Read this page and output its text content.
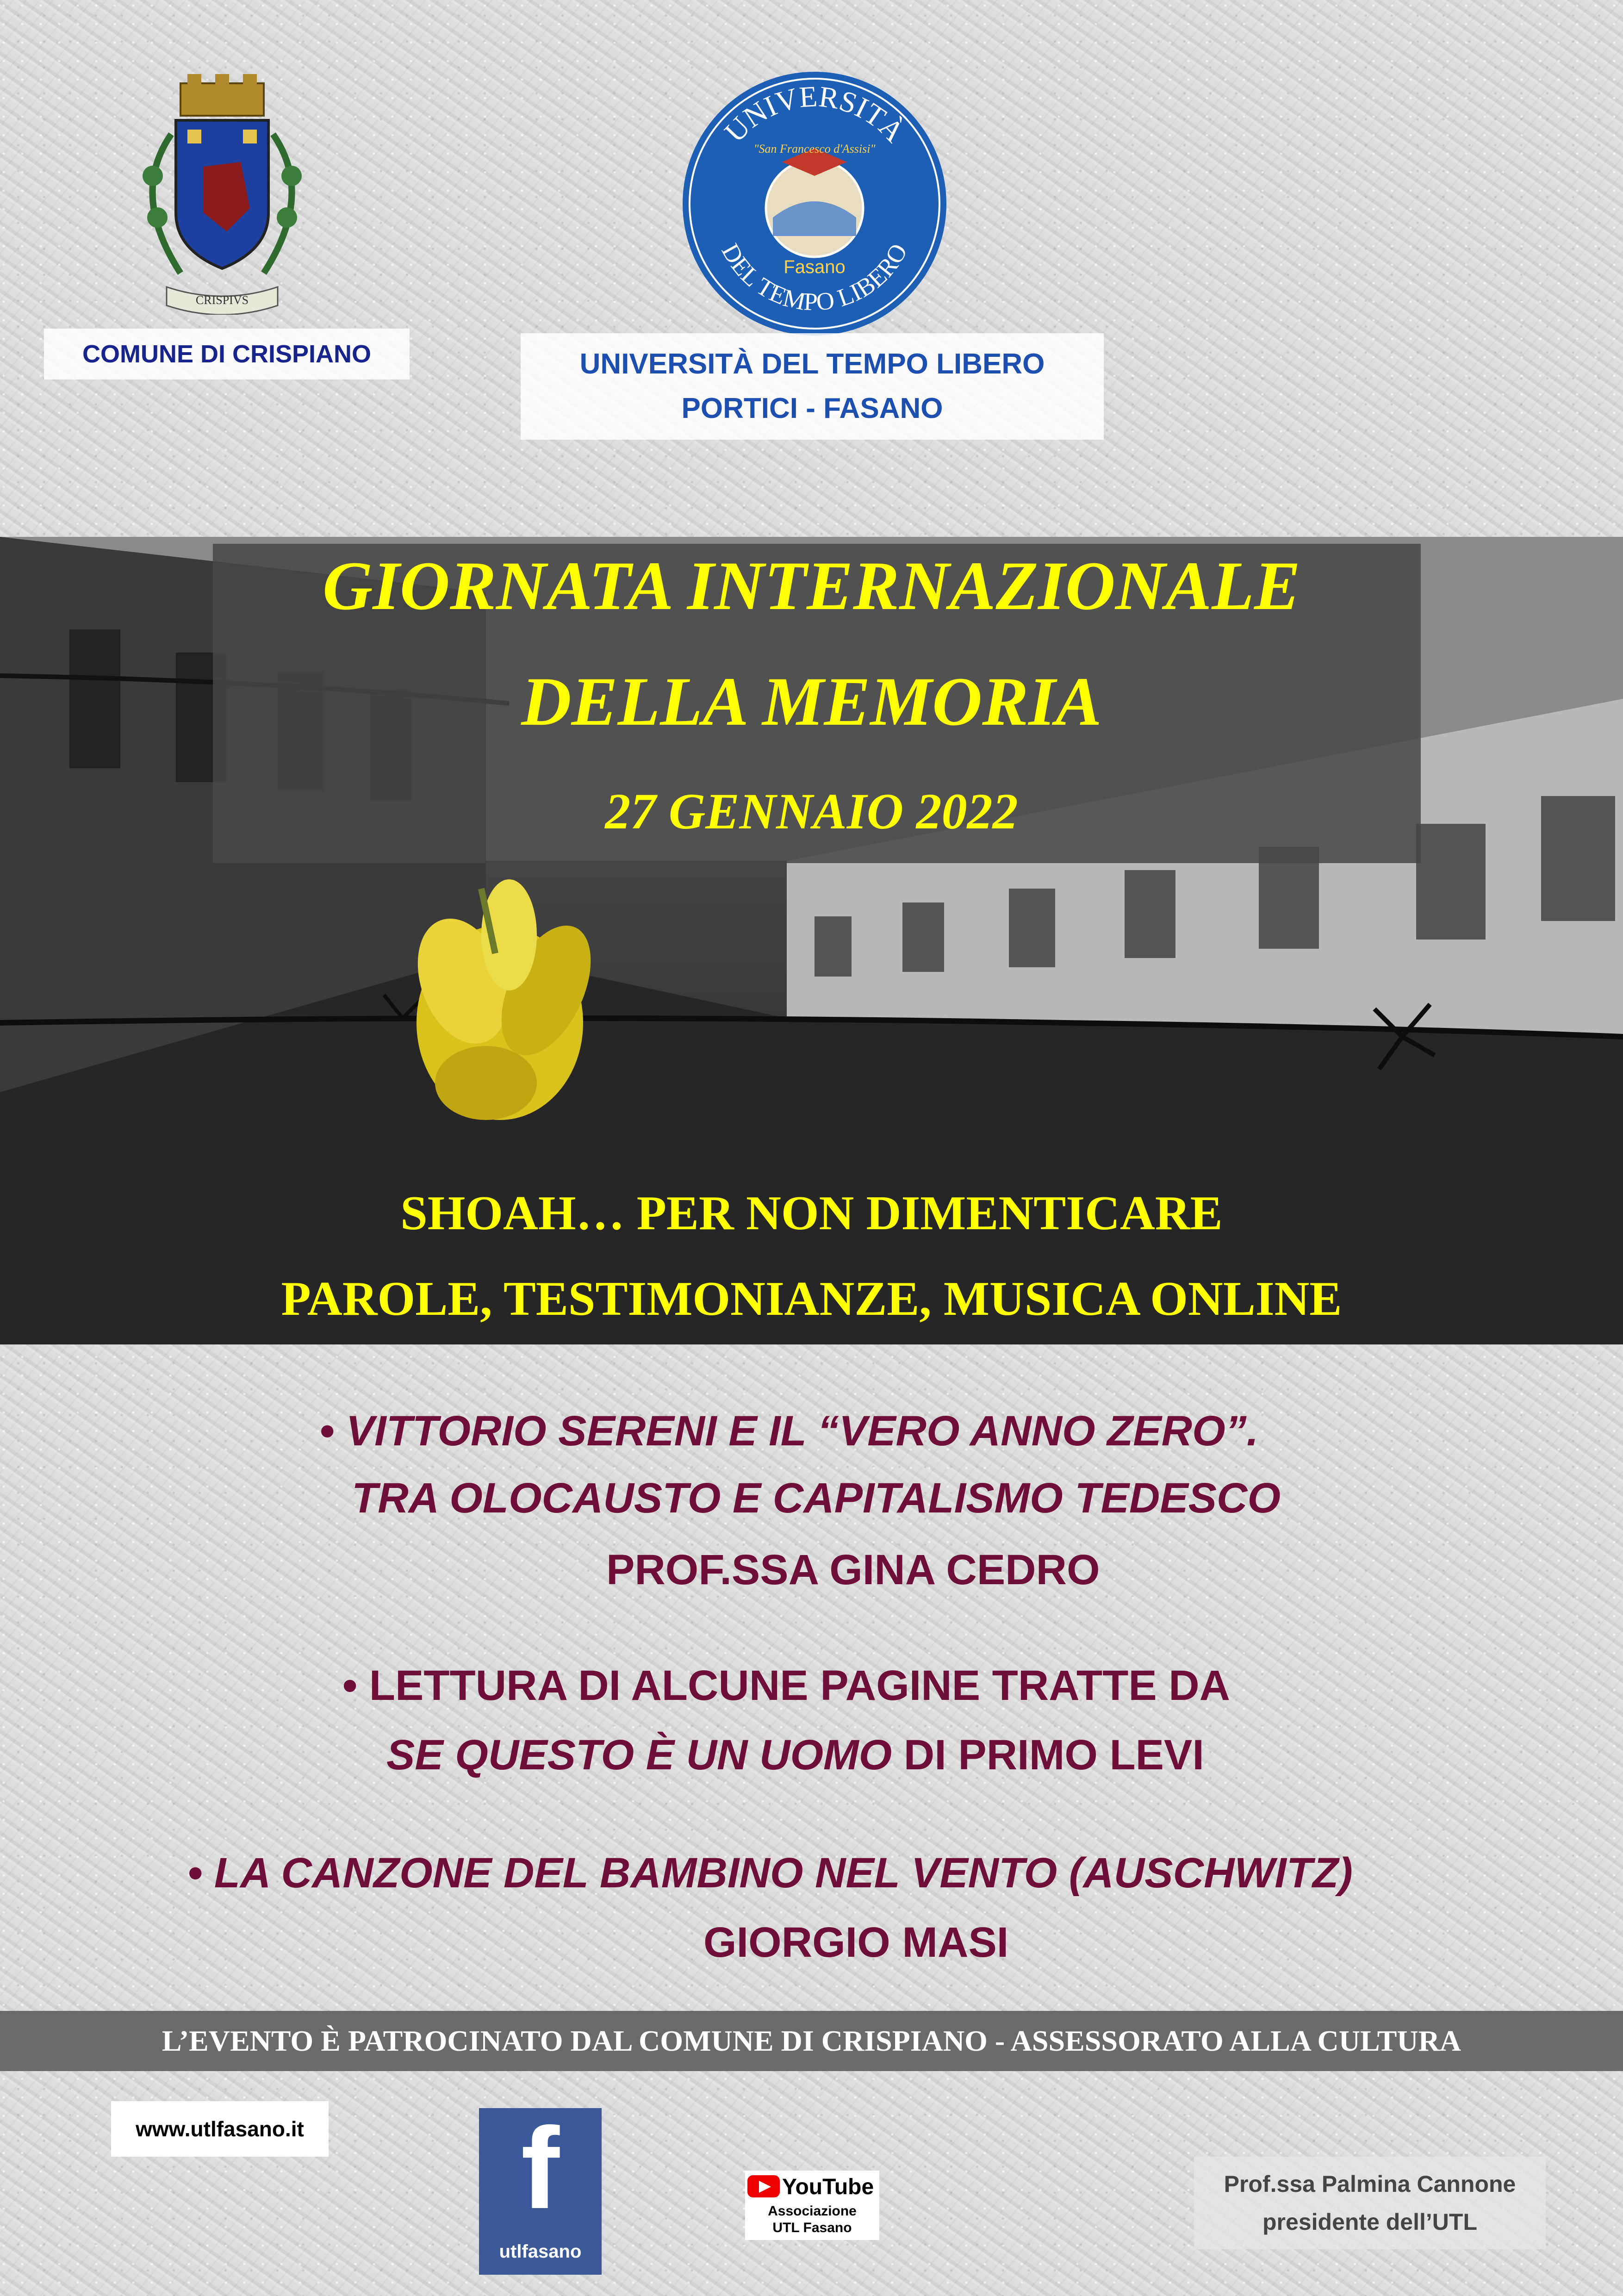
CRISPIVS
COMUNE DI CRISPIANO
UNIVERSITÀ
DEL TEMPO LIBERO
"San Francesco d'Assisi"
Fasano
UNIVERSITÀ DEL TEMPO LIBERO
PORTICI - FASANO
GIORNATA INTERNAZIONALE
DELLA MEMORIA
27 GENNAIO 2022
SHOAH… PER NON DIMENTICARE
PAROLE, TESTIMONIANZE, MUSICA ONLINE
• VITTORIO SERENI E IL “VERO ANNO ZERO”.
TRA OLOCAUSTO E CAPITALISMO TEDESCO
PROF.SSA GINA CEDRO
• LETTURA DI ALCUNE PAGINE TRATTE DA
SE QUESTO È UN UOMO DI PRIMO LEVI
• LA CANZONE DEL BAMBINO NEL VENTO (AUSCHWITZ)
GIORGIO MASI
L’EVENTO È PATROCINATO DAL COMUNE DI CRISPIANO - ASSESSORATO ALLA CULTURA
www.utlfasano.it	f
utlfasano
YouTube
Associazione
UTL Fasano
Prof.ssa Palmina Cannone
presidente dell’UTL
